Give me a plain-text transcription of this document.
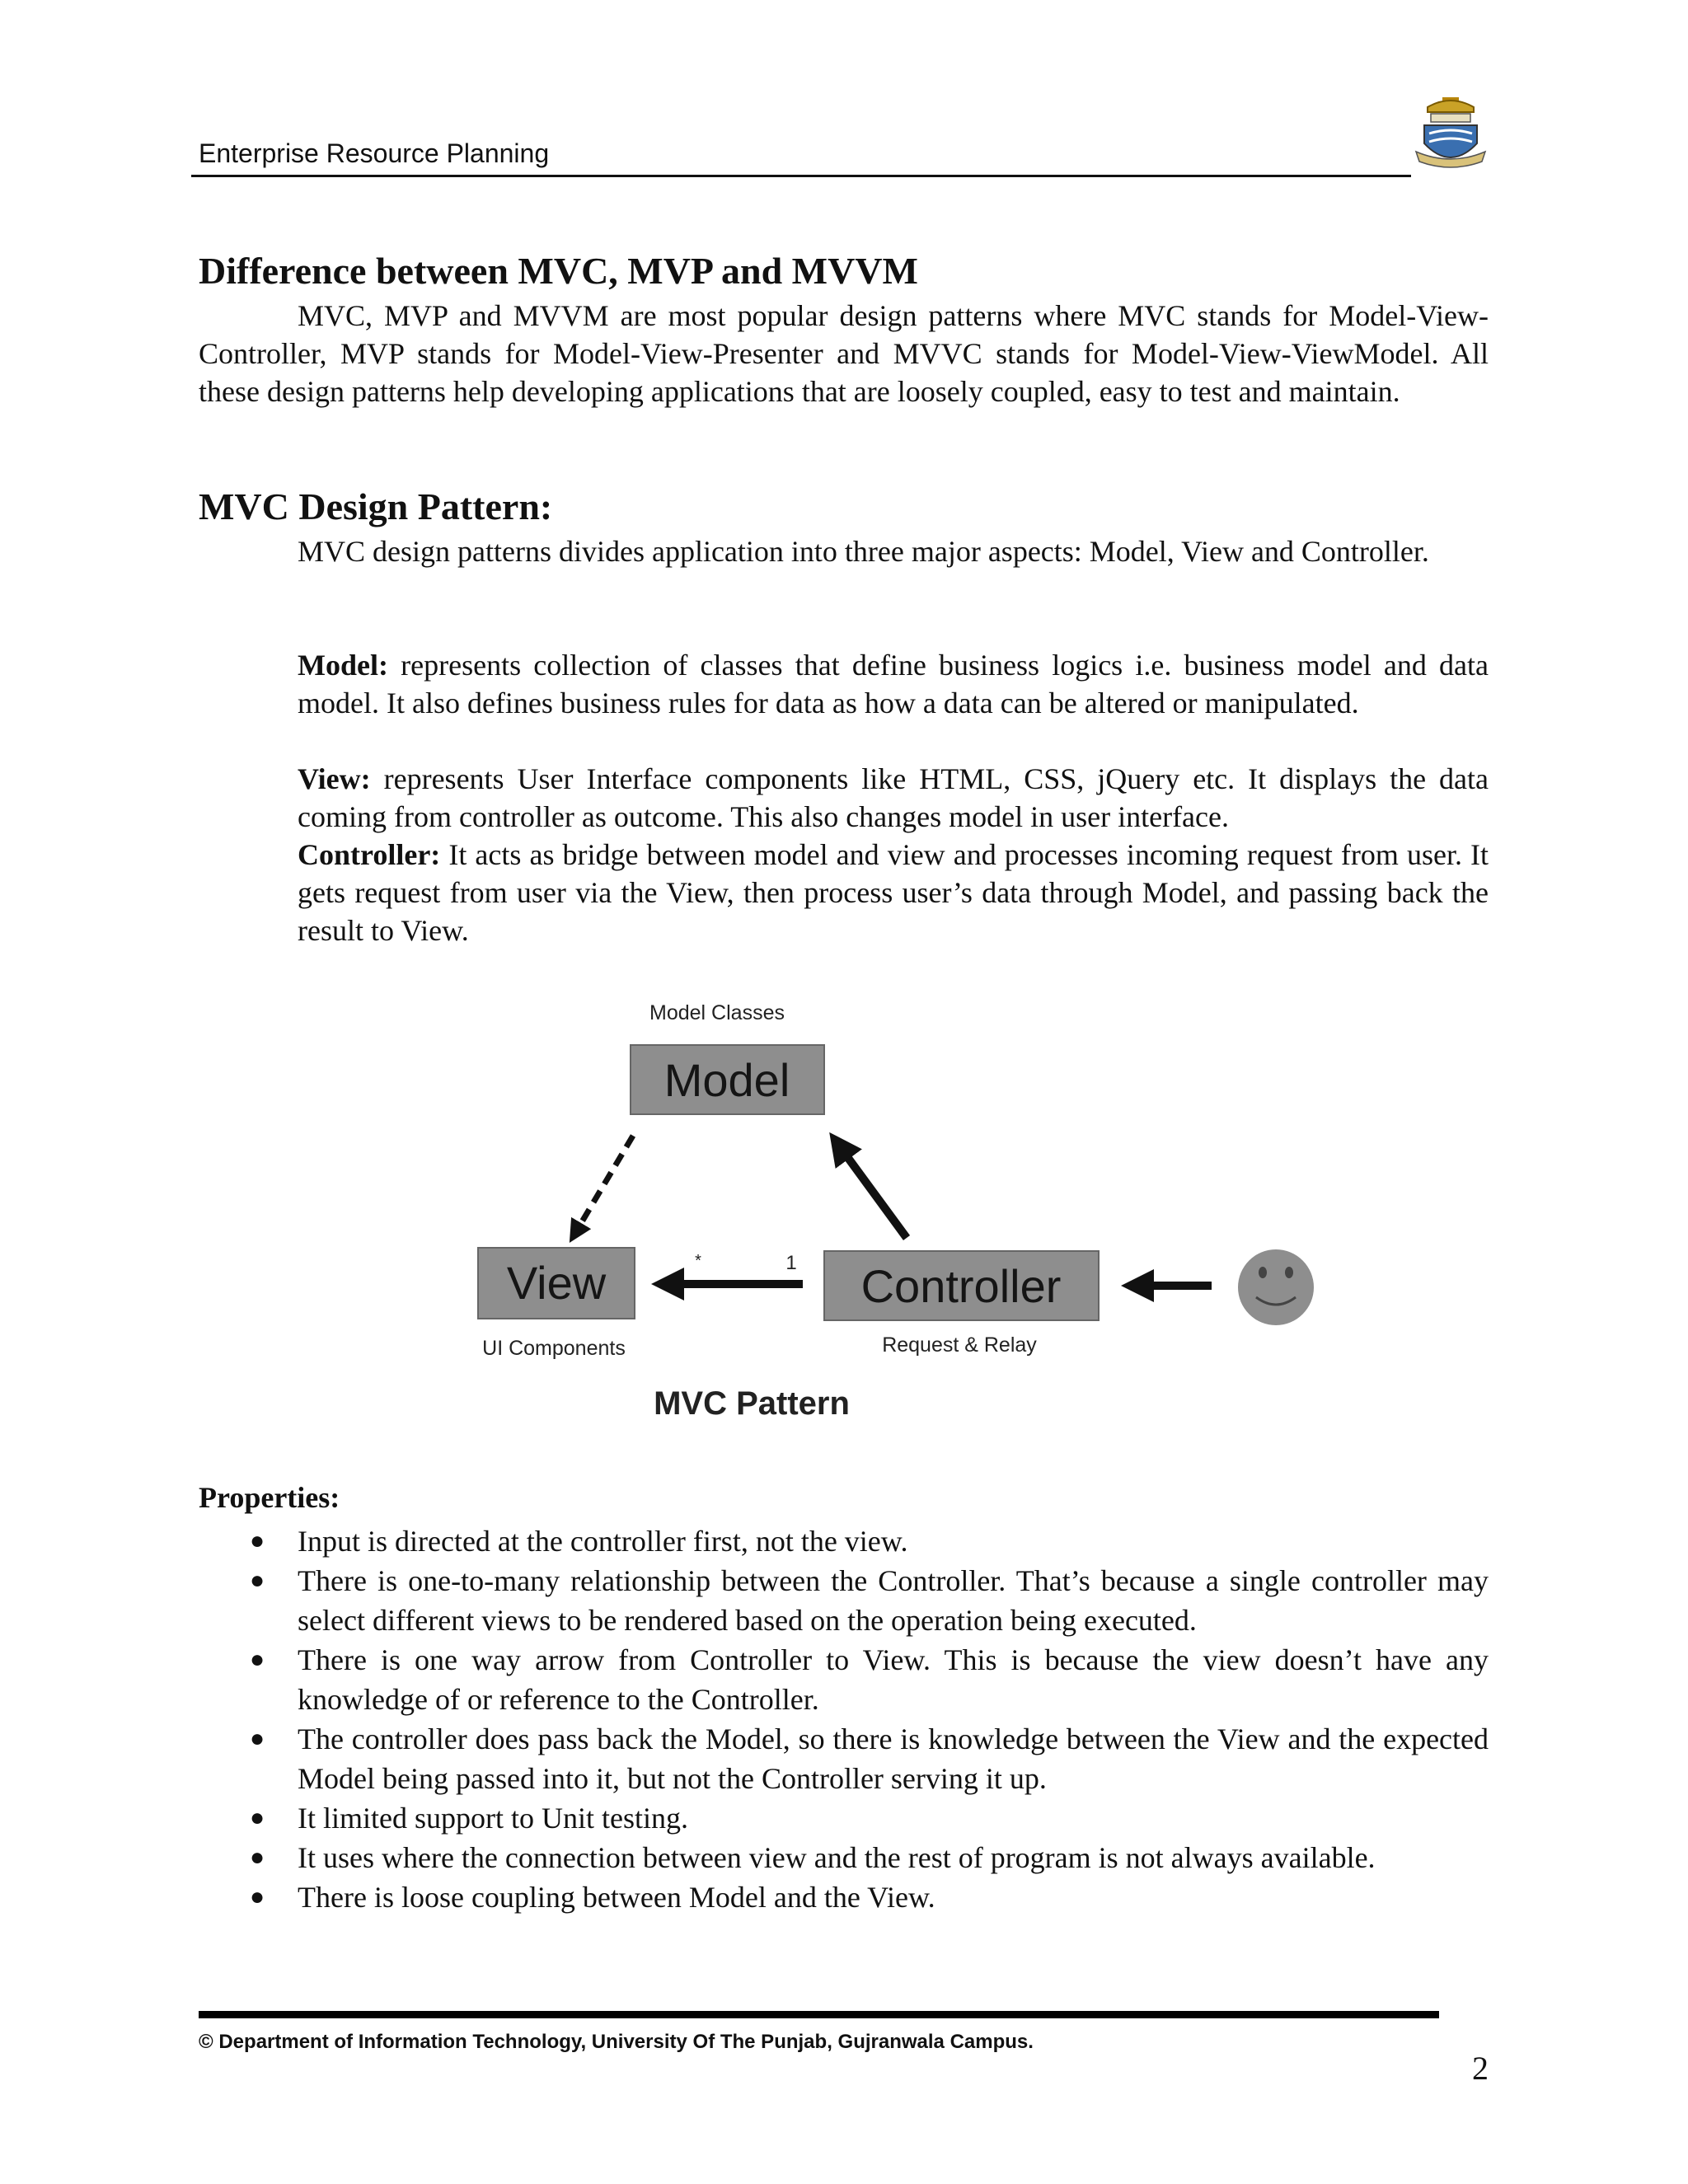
Enterprise Resource Planning
Difference between MVC, MVP and MVVM
MVC, MVP and MVVM are most popular design patterns where MVC stands for Model-View-Controller, MVP stands for Model-View-Presenter and MVVC stands for Model-View-ViewModel. All these design patterns help developing applications that are loosely coupled, easy to test and maintain.
MVC Design Pattern:
MVC design patterns divides application into three major aspects: Model, View and Controller.
Model: represents collection of classes that define business logics i.e. business model and data model. It also defines business rules for data as how a data can be altered or manipulated.
View: represents User Interface components like HTML, CSS, jQuery etc. It displays the data coming from controller as outcome. This also changes model in user interface.
Controller: It acts as bridge between model and view and processes incoming request from user. It gets request from user via the View, then process user’s data through Model, and passing back the result to View.
Model Classes
Model
View
UI Components
Controller
Request & Relay
*	1
MVC Pattern
Properties:
● Input is directed at the controller first, not the view.
● There is one-to-many relationship between the Controller. That’s because a single controller may select different views to be rendered based on the operation being executed.
● There is one way arrow from Controller to View. This is because the view doesn’t have any knowledge of or reference to the Controller.
● The controller does pass back the Model, so there is knowledge between the View and the expected Model being passed into it, but not the Controller serving it up.
● It limited support to Unit testing.
● It uses where the connection between view and the rest of program is not always available.
● There is loose coupling between Model and the View.
© Department of Information Technology, University Of The Punjab, Gujranwala Campus.
2
